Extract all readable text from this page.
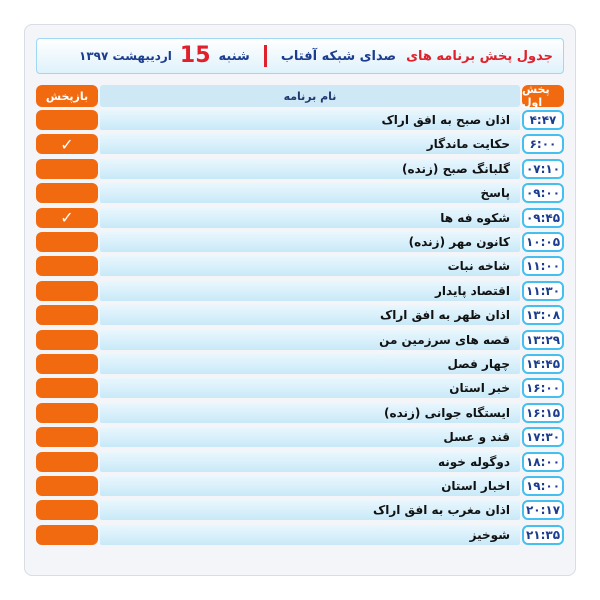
جدول پخش برنامه های
صدای شبکه آفتاب
شنبه
15
اردیبهشت ۱۳۹۷
پخش اول
نام برنامه
بازپخش
۴:۴۷
اذان صبح به افق اراک
۶:۰۰
حکایت ماندگار
✓
۰۷:۱۰
گلبانگ صبح (زنده)
۰۹:۰۰
پاسخ
۰۹:۴۵
شکوه فه ها
✓
۱۰:۰۵
کانون مهر (زنده)
۱۱:۰۰
شاخه نبات
۱۱:۳۰
اقتصاد پایدار
۱۳:۰۸
اذان ظهر به افق اراک
۱۳:۲۹
قصه های سرزمین من
۱۴:۴۵
چهار فصل
۱۶:۰۰
خبر استان
۱۶:۱۵
ایستگاه جوانی (زنده)
۱۷:۳۰
قند و عسل
۱۸:۰۰
دوگوله خونه
۱۹:۰۰
اخبار استان
۲۰:۱۷
اذان مغرب به افق اراک
۲۱:۳۵
شوخیز
